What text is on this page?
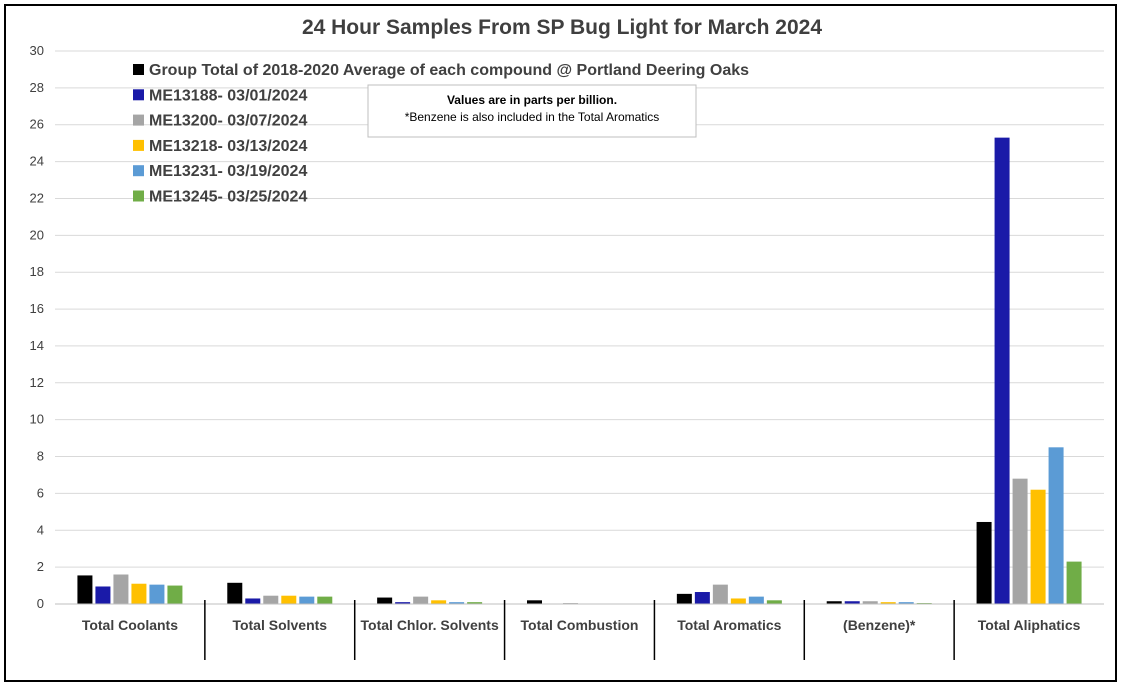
24 Hour Samples From SP Bug Light for March 2024
0
2
4
6
8
10
12
14
16
18
20
22
24
26
28
30
Total Coolants	Total Solvents Total Chlor. Solvents Total Combustion	Total Aromatics	(Benzene)*	Total Aliphatics
Group Total of 2018-2020 Average of each compound @ Portland Deering Oaks
ME13188- 03/01/2024
ME13200- 03/07/2024
ME13218- 03/13/2024
ME13231- 03/19/2024
ME13245- 03/25/2024
Values are in parts per billion.
*Benzene is also included in the Total Aromatics
